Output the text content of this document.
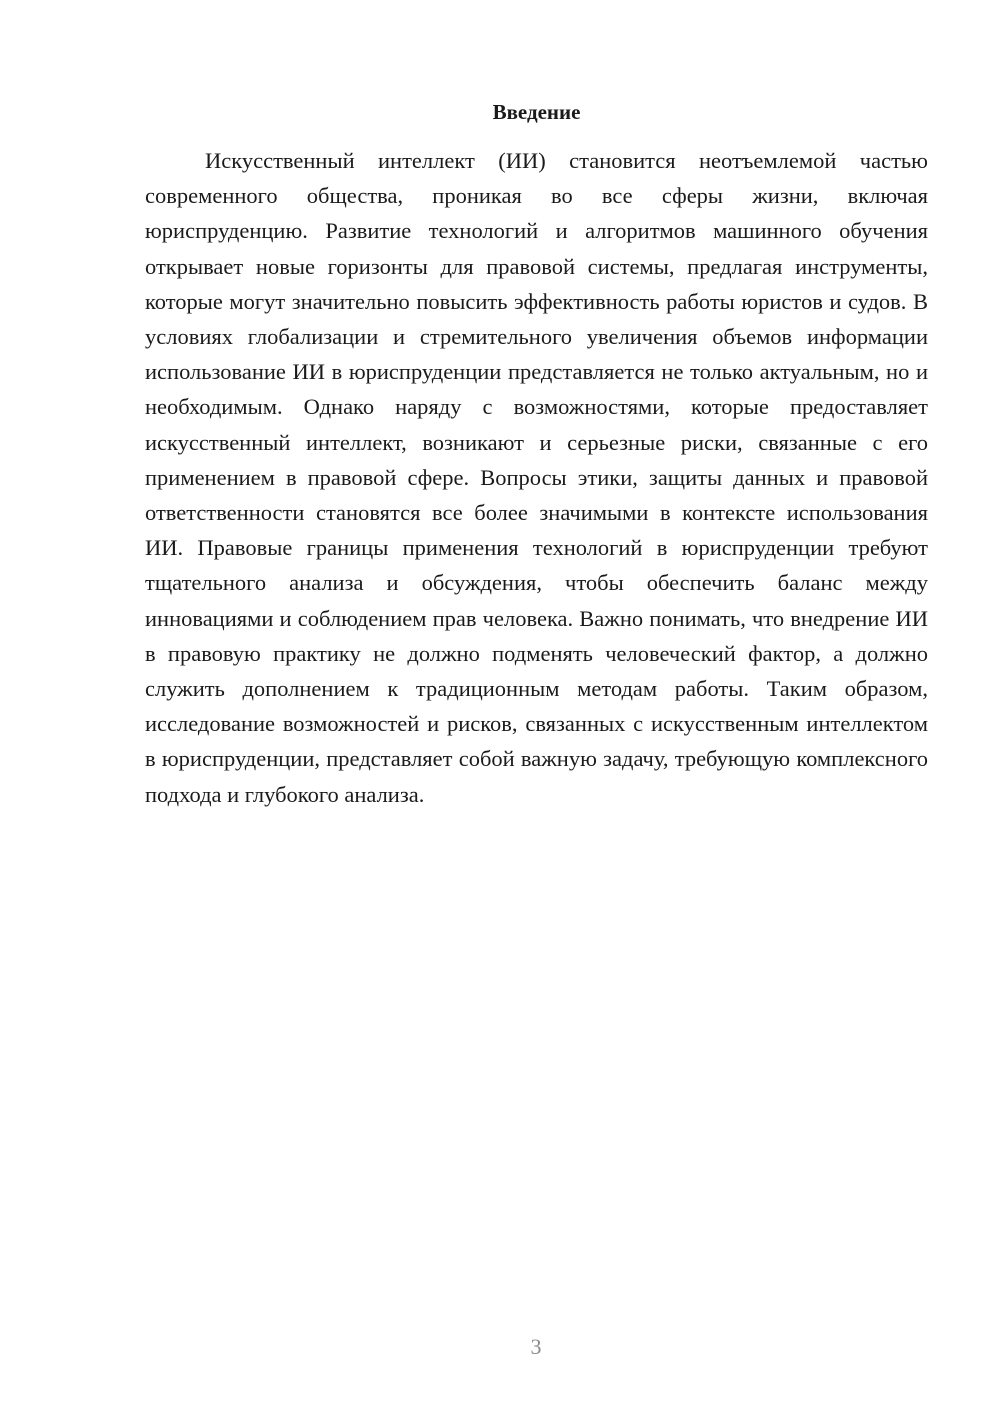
Введение

Искусственный интеллект (ИИ) становится неотъемлемой частью современного общества, проникая во все сферы жизни, включая юриспруденцию. Развитие технологий и алгоритмов машинного обучения открывает новые горизонты для правовой системы, предлагая инструменты, которые могут значительно повысить эффективность работы юристов и судов. В условиях глобализации и стремительного увеличения объемов информации использование ИИ в юриспруденции представляется не только актуальным, но и необходимым. Однако наряду с возможностями, которые предоставляет искусственный интеллект, возникают и серьезные риски, связанные с его применением в правовой сфере. Вопросы этики, защиты данных и правовой ответственности становятся все более значимыми в контексте использования ИИ. Правовые границы применения технологий в юриспруденции требуют тщательного анализа и обсуждения, чтобы обеспечить баланс между инновациями и соблюдением прав человека. Важно понимать, что внедрение ИИ в правовую практику не должно подменять человеческий фактор, а должно служить дополнением к традиционным методам работы. Таким образом, исследование возможностей и рисков, связанных с искусственным интеллектом в юриспруденции, представляет собой важную задачу, требующую комплексного подхода и глубокого анализа.

3
